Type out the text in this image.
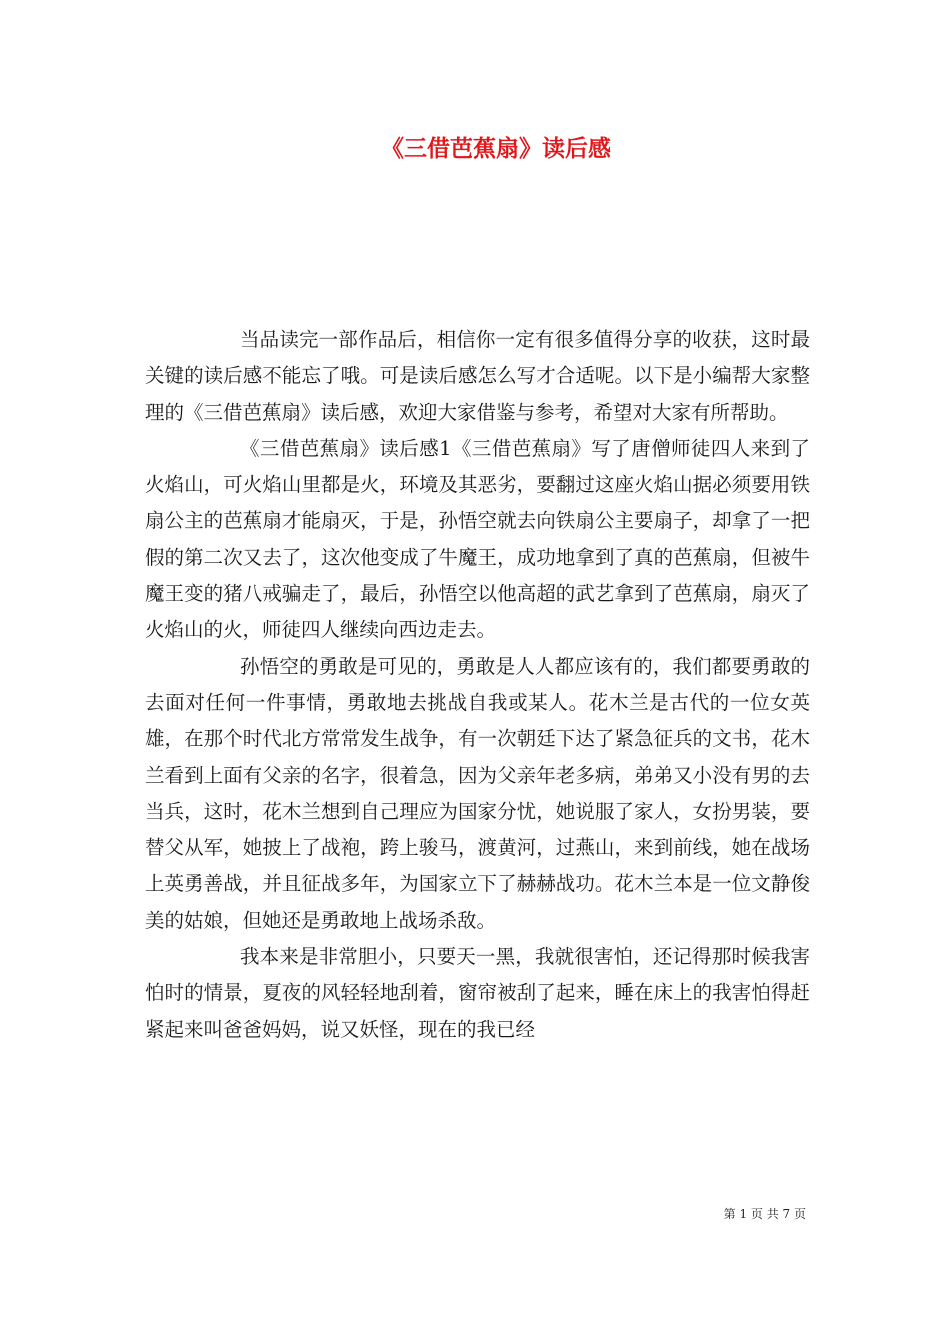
《三借芭蕉扇》读后感

当品读完一部作品后，相信你一定有很多值得分享的收获，这时最关键的读后感不能忘了哦。可是读后感怎么写才合适呢。以下是小编帮大家整理的《三借芭蕉扇》读后感，欢迎大家借鉴与参考，希望对大家有所帮助。

《三借芭蕉扇》读后感1《三借芭蕉扇》写了唐僧师徒四人来到了火焰山，可火焰山里都是火，环境及其恶劣，要翻过这座火焰山据必须要用铁扇公主的芭蕉扇才能扇灭，于是，孙悟空就去向铁扇公主要扇子，却拿了一把假的第二次又去了，这次他变成了牛魔王，成功地拿到了真的芭蕉扇，但被牛魔王变的猪八戒骗走了，最后，孙悟空以他高超的武艺拿到了芭蕉扇，扇灭了火焰山的火，师徒四人继续向西边走去。

孙悟空的勇敢是可见的，勇敢是人人都应该有的，我们都要勇敢的去面对任何一件事情，勇敢地去挑战自我或某人。花木兰是古代的一位女英雄，在那个时代北方常常发生战争，有一次朝廷下达了紧急征兵的文书，花木兰看到上面有父亲的名字，很着急，因为父亲年老多病，弟弟又小没有男的去当兵，这时，花木兰想到自己理应为国家分忧，她说服了家人，女扮男装，要替父从军，她披上了战袍，跨上骏马，渡黄河，过燕山，来到前线，她在战场上英勇善战，并且征战多年，为国家立下了赫赫战功。花木兰本是一位文静俊美的姑娘，但她还是勇敢地上战场杀敌。

我本来是非常胆小，只要天一黑，我就很害怕，还记得那时候我害怕时的情景，夏夜的风轻轻地刮着，窗帘被刮了起来，睡在床上的我害怕得赶紧起来叫爸爸妈妈，说又妖怪，现在的我已经

第 1 页 共 7 页
